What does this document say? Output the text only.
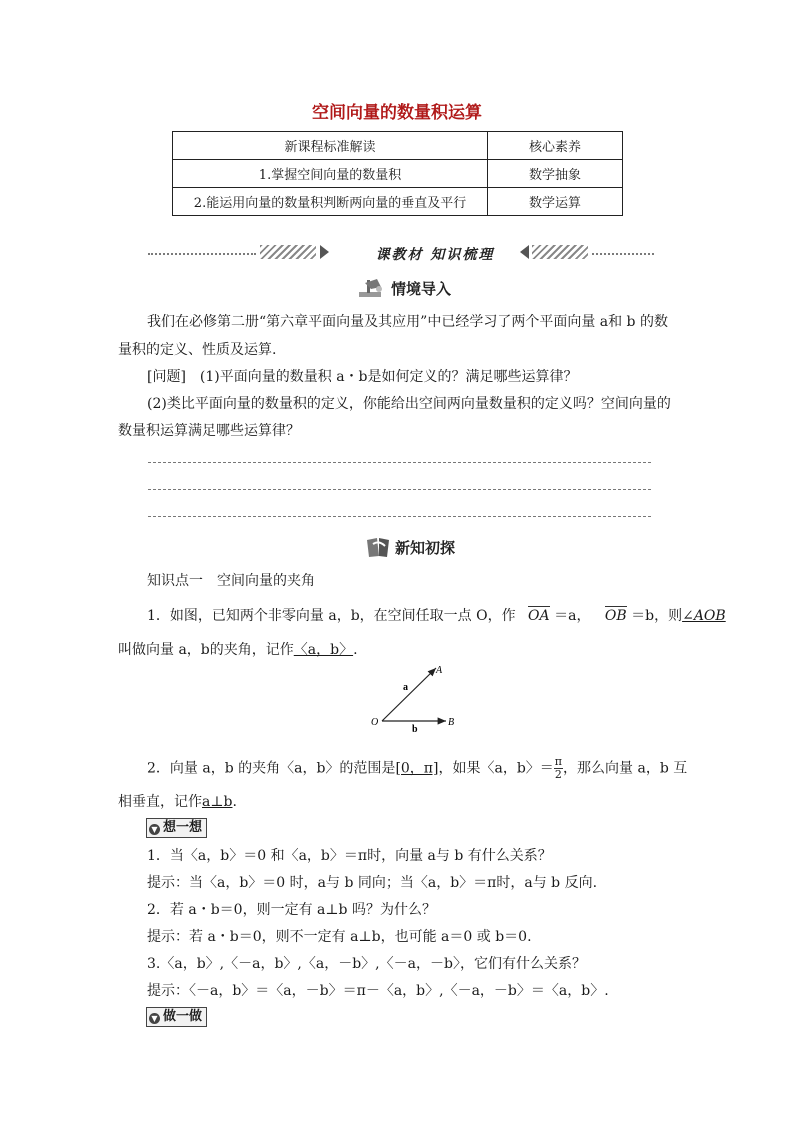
空间向量的数量积运算
新课程标准解读	核心素养
1.掌握空间向量的数量积	数学抽象
2.能运用向量的数量积判断两向量的垂直及平行	数学运算
课教材 知识梳理
情境导入
我们在必修第二册“第六章平面向量及其应用”中已经学习了两个平面向量 a和 b 的数
量积的定义、性质及运算.
[问题]　(1)平面向量的数量积 a・b是如何定义的？满足哪些运算律？
(2)类比平面向量的数量积的定义，你能给出空间两向量数量积的定义吗？空间向量的
数量积运算满足哪些运算律？
新知初探
知识点一　空间向量的夹角
1．如图，已知两个非零向量 a，b，在空间任取一点 O，作 OA ＝a， OB ＝b，则∠AOB
叫做向量 a，b的夹角，记作〈a，b〉.
A
O	B
a
b
2．向量 a，b 的夹角〈a，b〉的范围是[0，π]，如果〈a，b〉＝ $\frac{\pi}{2}$ ，那么向量 a，b 互
相垂直，记作a⊥b.
▼ 想一想
1．当〈a，b〉＝0 和〈a，b〉＝π时，向量 a与 b 有什么关系？
提示：当〈a，b〉＝0 时，a与 b 同向；当〈a，b〉＝π时，a与 b 反向.
2．若 a・b＝0，则一定有 a⊥b 吗？为什么？
提示：若 a・b＝0，则不一定有 a⊥b，也可能 a＝0 或 b＝0.
3.〈a，b〉,〈－a，b〉,〈a，－b〉,〈－a，－b〉，它们有什么关系？
提示：〈－a，b〉＝〈a，－b〉＝π－〈a，b〉,〈－a，－b〉＝〈a，b〉.
▼ 做一做
